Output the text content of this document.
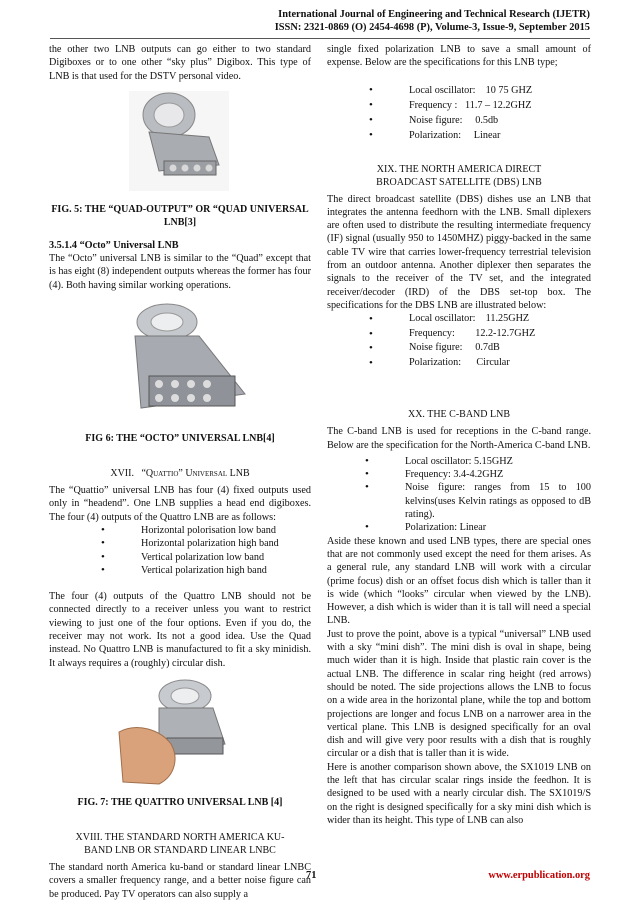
International Journal of Engineering and Technical Research (IJETR)
ISSN: 2321-0869 (O) 2454-4698 (P), Volume-3, Issue-9, September 2015

the other two LNB outputs can go either to two standard Digiboxes or to one other “sky plus” Digibox. This type of LNB is that used for the DSTV personal video.

FIG. 5: THE “QUAD-OUTPUT” OR “QUAD UNIVERSAL LNB[3]

3.5.1.4 “Octo” Universal LNB

The “Octo” universal LNB is similar to the “Quad” except that is has eight (8) independent outputs whereas the former has four (4). Both having similar working operations.

FIG 6: THE “OCTO” UNIVERSAL LNB[4]

XVII. “Quattio” Universal LNB

The “Quattio” universal LNB has four (4) fixed outputs used only in “headend”. One LNB supplies a head end digiboxes. The four (4) outputs of the Quattro LNB are as follows:

•	Horizontal polorisation low band
•	Horizontal polarization high band
•	Vertical polarization low band
•	Vertical polarization high band

The four (4) outputs of the Quattro LNB should not be connected directly to a receiver unless you want to restrict viewing to just one of the four options. Even if you do, the receiver may not work. Its not a good idea. Use the Quad instead. No Quattro LNB is manufactured to fit a sky minidish. It always requires a (roughly) circular dish.

FIG. 7: THE QUATTRO UNIVERSAL LNB [4]

XVIII. THE STANDARD NORTH AMERICA KU-BAND LNB OR STANDARD LINEAR LNBC

The standard north America ku-band or standard linear LNBC covers a smaller frequency range, and a better noise figure can be produced. Pay TV operators can also supply a

single fixed polarization LNB to save a small amount of expense. Below are the specifications for this LNB type;

•	Local oscillator: 10 75 GHZ
•	Frequency : 11.7 – 12.2GHZ
•	Noise figure: 0.5db
•	Polarization: Linear

XIX. THE NORTH AMERICA DIRECT BROADCAST SATELLITE (DBS) LNB

The direct broadcast satellite (DBS) dishes use an LNB that integrates the antenna feedhorn with the LNB. Small diplexers are often used to distribute the resulting intermediate frequency (IF) signal (usually 950 to 1450MHZ) piggy-backed in the same cable TV wire that carries lower-frequency terrestrial television from an outdoor antenna. Another diplexer then separates the signals to the receiver of the TV set, and the integrated receiver/decoder (IRD) of the DBS set-top box. The specifications for the DBS LNB are illustrated below:

•	Local oscillator: 11.25GHZ
•	Frequency: 12.2-12.7GHZ
•	Noise figure: 0.7dB
•	Polarization: Circular

XX. THE C-BAND LNB

The C-band LNB is used for receptions in the C-band range. Below are the specification for the North-America C-band LNB.

•	Local oscillator: 5.15GHZ
•	Frequency: 3.4-4.2GHZ
•	Noise figure: ranges from 15 to 100 kelvins(uses Kelvin ratings as opposed to dB rating).
•	Polarization: Linear

Aside these known and used LNB types, there are special ones that are not commonly used except the need for them arises. As a general rule, any standard LNB will work with a circular (prime focus) dish or an offset focus dish which is taller than it is wide (which “looks” circular when viewed by the LNB). However, a dish which is wider than it is tall will need a special LNB.

Just to prove the point, above is a typical “universal” LNB used with a sky “mini dish”. The mini dish is oval in shape, being much wider than it is high. Inside that plastic rain cover is the actual LNB. The difference in scalar ring height (red arrows) should be noted. The side projections allows the LNB to focus on a wide area in the horizontal plane, while the top and bottom projections are longer and focus LNB on a narrower area in the vertical plane. This LNB is designed specifically for an oval dish and will give very poor results with a dish that is roughly circular or a dish that is taller than it is wide.

Here is another comparison shown above, the SX1019 LNB on the left that has circular scalar rings inside the feedhon. It is designed to be used with a nearly circular dish. The SX1019/S on the right is designed specifically for a sky mini dish which is wider than its height. This type of LNB can also

71	www.erpublication.org
